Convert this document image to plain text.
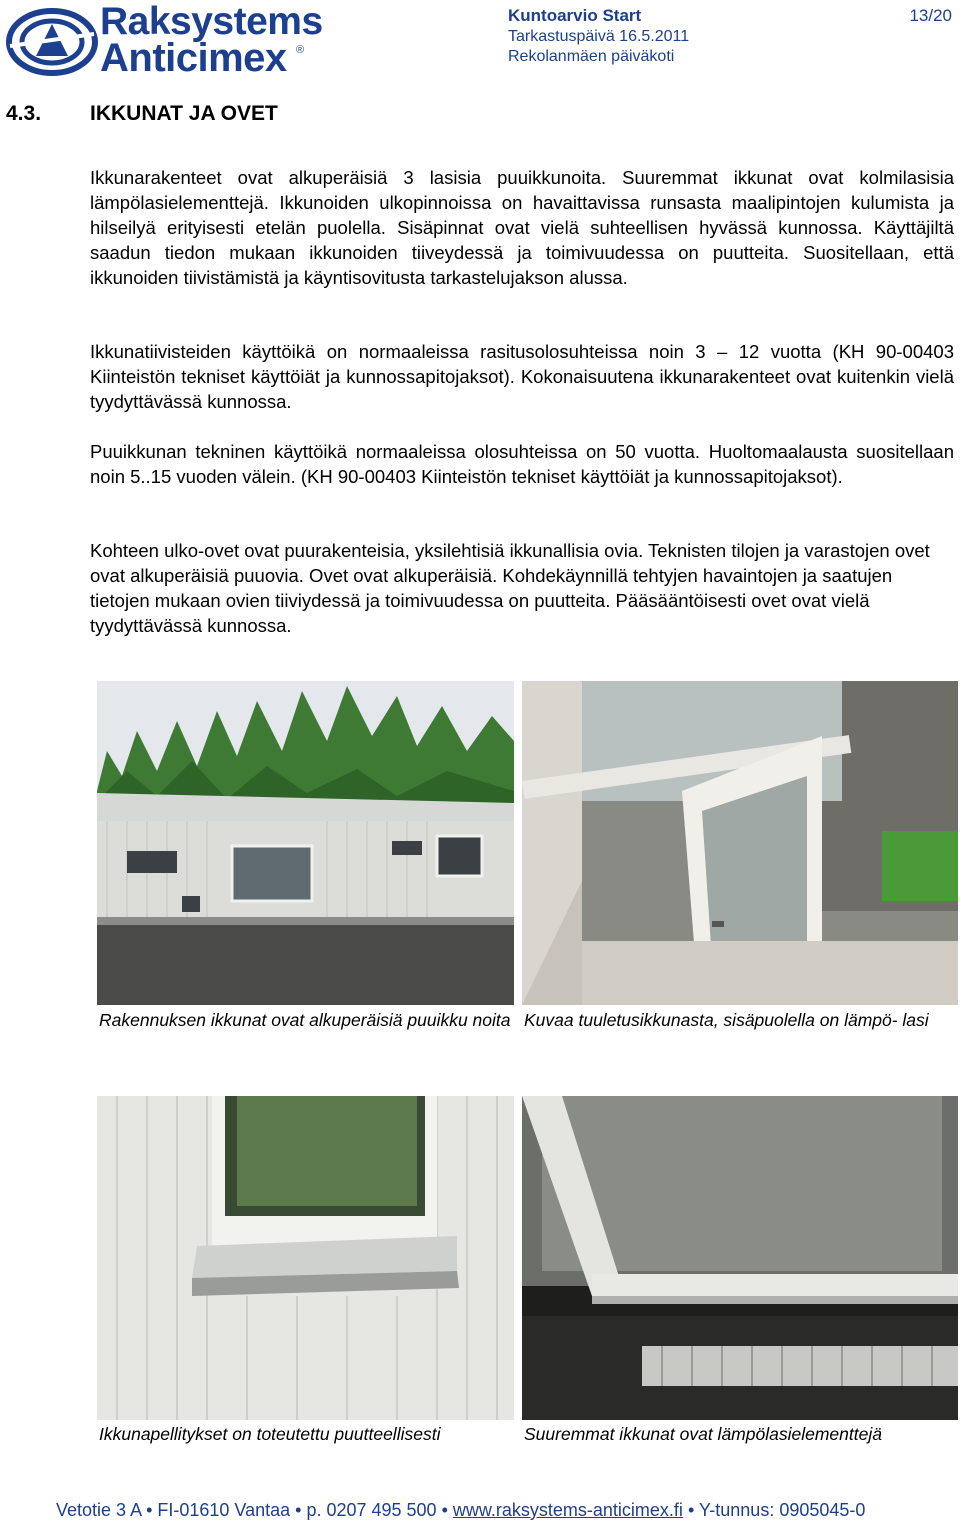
Raksystems
Anticimex ®
Kuntoarvio Start
Tarkastuspäivä 16.5.2011
Rekolanmäen päiväkoti
13/20
4.3. IKKUNAT JA OVET
Ikkunarakenteet ovat alkuperäisiä 3 lasisia puuikkunoita. Suuremmat ikkunat ovat kolmilasisia lämpölasielementtejä. Ikkunoiden ulkopinnoissa on havaittavissa runsasta maalipintojen kulumista ja hilseilyä erityisesti etelän puolella. Sisäpinnat ovat vielä suhteellisen hyvässä kunnossa. Käyttäjiltä saadun tiedon mukaan ikkunoiden tiiveydessä ja toimivuudessa on puutteita. Suositellaan, että ikkunoiden tiivistämistä ja käyntisovitusta tarkastelujakson alussa.
Ikkunatiivisteiden käyttöikä on normaaleissa rasitusolosuhteissa noin 3 – 12 vuotta (KH 90-00403 Kiinteistön tekniset käyttöiät ja kunnossapitojaksot). Kokonaisuutena ikkunarakenteet ovat kuitenkin vielä tyydyttävässä kunnossa.
Puuikkunan tekninen käyttöikä normaaleissa olosuhteissa on 50 vuotta. Huoltomaalausta suositellaan noin 5..15 vuoden välein. (KH 90-00403 Kiinteistön tekniset käyttöiät ja kunnossapitojaksot).
Kohteen ulko-ovet ovat puurakenteisia, yksilehtisiä ikkunallisia ovia. Teknisten tilojen ja varastojen ovet ovat alkuperäisiä puuovia. Ovet ovat alkuperäisiä. Kohdekäynnillä tehtyjen havaintojen ja saatujen tietojen mukaan ovien tiiviydessä ja toimivuudessa on puutteita. Pääsääntöisesti ovet ovat vielä tyydyttävässä kunnossa.
Rakennuksen ikkunat ovat alkuperäisiä puuikku noita Kuvaa tuuletusikkunasta, sisäpuolella on lämpö- lasi
Ikkunapellitykset on toteutettu puutteellisesti	Suuremmat ikkunat ovat lämpölasielementtejä
Vetotie 3 A • FI-01610 Vantaa • p. 0207 495 500 • www.raksystems-anticimex.fi • Y-tunnus: 0905045-0
